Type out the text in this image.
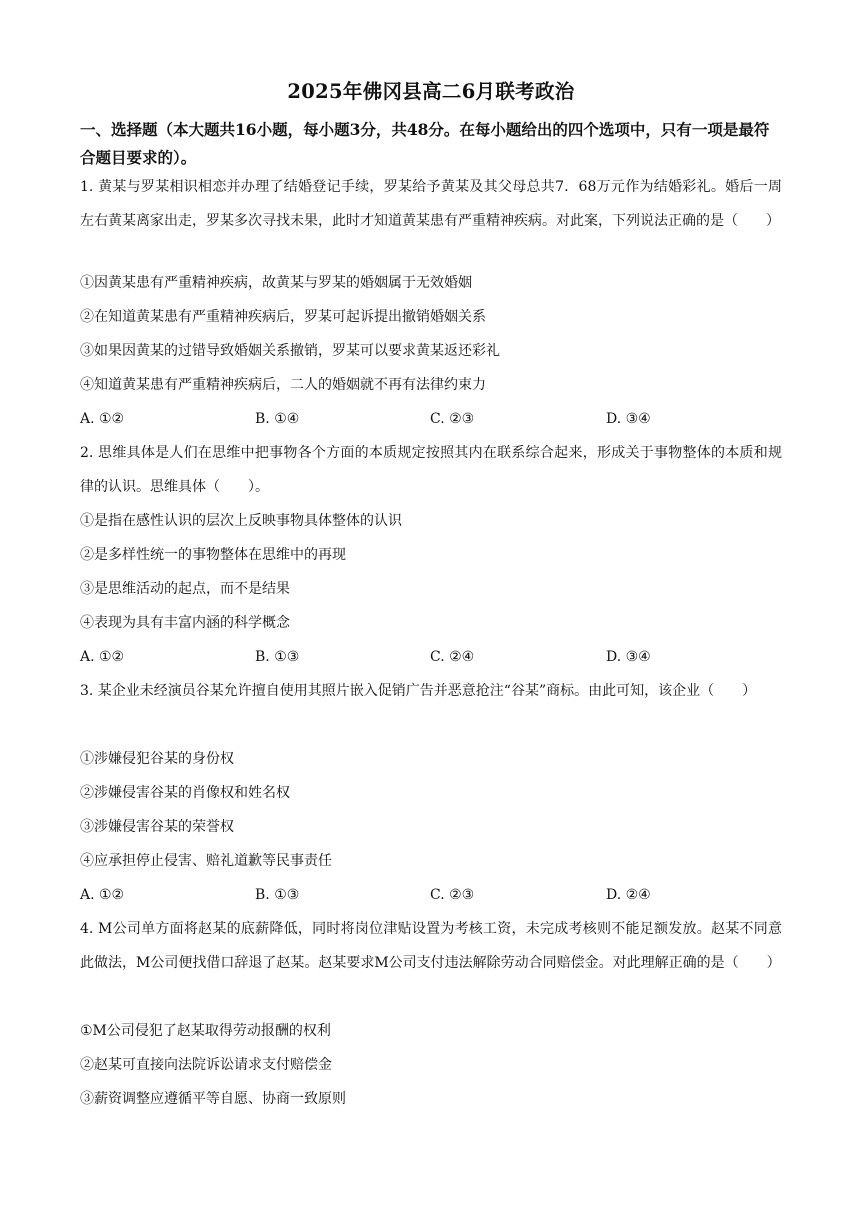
2025年佛冈县高二6月联考政治
一、选择题（本大题共16小题，每小题3分，共48分。在每小题给出的四个选项中，只有一项是最符合题目要求的）。
1. 黄某与罗某相识相恋并办理了结婚登记手续，罗某给予黄某及其父母总共7．68万元作为结婚彩礼。婚后一周左右黄某离家出走，罗某多次寻找未果，此时才知道黄某患有严重精神疾病。对此案，下列说法正确的是（　　）
①因黄某患有严重精神疾病，故黄某与罗某的婚姻属于无效婚姻
②在知道黄某患有严重精神疾病后，罗某可起诉提出撤销婚姻关系
③如果因黄某的过错导致婚姻关系撤销，罗某可以要求黄某返还彩礼
④知道黄某患有严重精神疾病后，二人的婚姻就不再有法律约束力
A. ①②	B. ①④	C. ②③	D. ③④
2. 思维具体是人们在思维中把事物各个方面的本质规定按照其内在联系综合起来，形成关于事物整体的本质和规律的认识。思维具体（　　）。
①是指在感性认识的层次上反映事物具体整体的认识
②是多样性统一的事物整体在思维中的再现
③是思维活动的起点，而不是结果
④表现为具有丰富内涵的科学概念
A. ①②	B. ①③	C. ②④	D. ③④
3. 某企业未经演员谷某允许擅自使用其照片嵌入促销广告并恶意抢注“谷某”商标。由此可知，该企业（　　）
①涉嫌侵犯谷某的身份权
②涉嫌侵害谷某的肖像权和姓名权
③涉嫌侵害谷某的荣誉权
④应承担停止侵害、赔礼道歉等民事责任
A. ①②	B. ①③	C. ②③	D. ②④
4. M公司单方面将赵某的底薪降低，同时将岗位津贴设置为考核工资，未完成考核则不能足额发放。赵某不同意此做法，M公司便找借口辞退了赵某。赵某要求M公司支付违法解除劳动合同赔偿金。对此理解正确的是（　　）
①M公司侵犯了赵某取得劳动报酬的权利
②赵某可直接向法院诉讼请求支付赔偿金
③薪资调整应遵循平等自愿、协商一致原则
